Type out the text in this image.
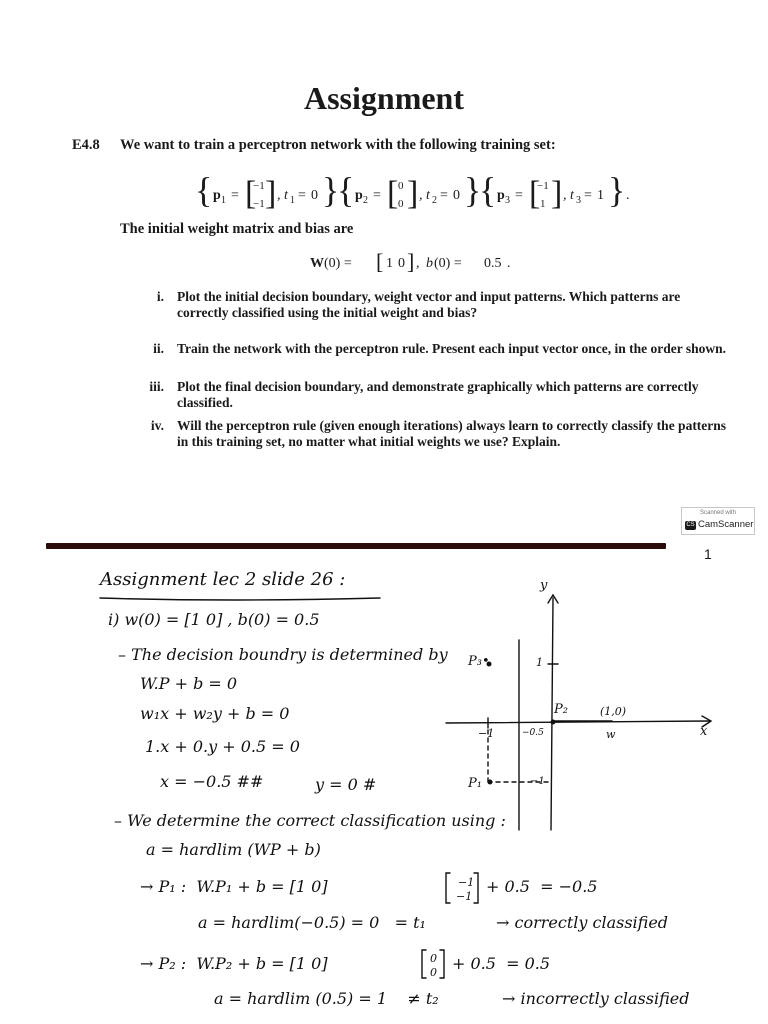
Assignment
E4.8 We want to train a perceptron network with the following training set:
{ p 1 = [
−1
−1 ] , t 1 = 0 }
{ p 2 = [ 0
0 ] , t 2 = 0 }
{ p 3 = [
−1
1 ] , t 3 = 1 } .
The initial weight matrix and bias are
W (0) = [ 1 0 ] , b (0) = 0.5 .
i. Plot the initial decision boundary, weight vector and input patterns. Which patterns are correctly classified using the initial weight and bias?
ii. Train the network with the perceptron rule. Present each input vector once, in the order shown.
iii. Plot the final decision boundary, and demonstrate graphically which patterns are correctly classified.
iv. Will the perceptron rule (given enough iterations) always learn to correctly classify the patterns in this training set, no matter what initial weights we use? Explain.
Scanned with
CS CamScanner
1
−1
−1
0
0
Assignment lec 2 slide 26 :
i) w(0) = [1 0] , b(0) = 0.5
– The decision boundry is determined by
W.P + b = 0
w₁x + w₂y + b = 0
1.x + 0.y + 0.5 = 0
x = −0.5 ##	y = 0 #
– We determine the correct classification using :
a = hardlim (WP + b)
→ P₁ :  W.P₁ + b = [1 0]	+ 0.5  = −0.5
a = hardlim(−0.5) = 0   = t₁	→ correctly classified
→ P₂ :  W.P₂ + b = [1 0]	+ 0.5  = 0.5
a = hardlim (0.5) = 1    ≠ t₂	→ incorrectly classified
y
x
P₃•	1
P₂	(1,0)
w
−1	−0.5
P₁	−1
